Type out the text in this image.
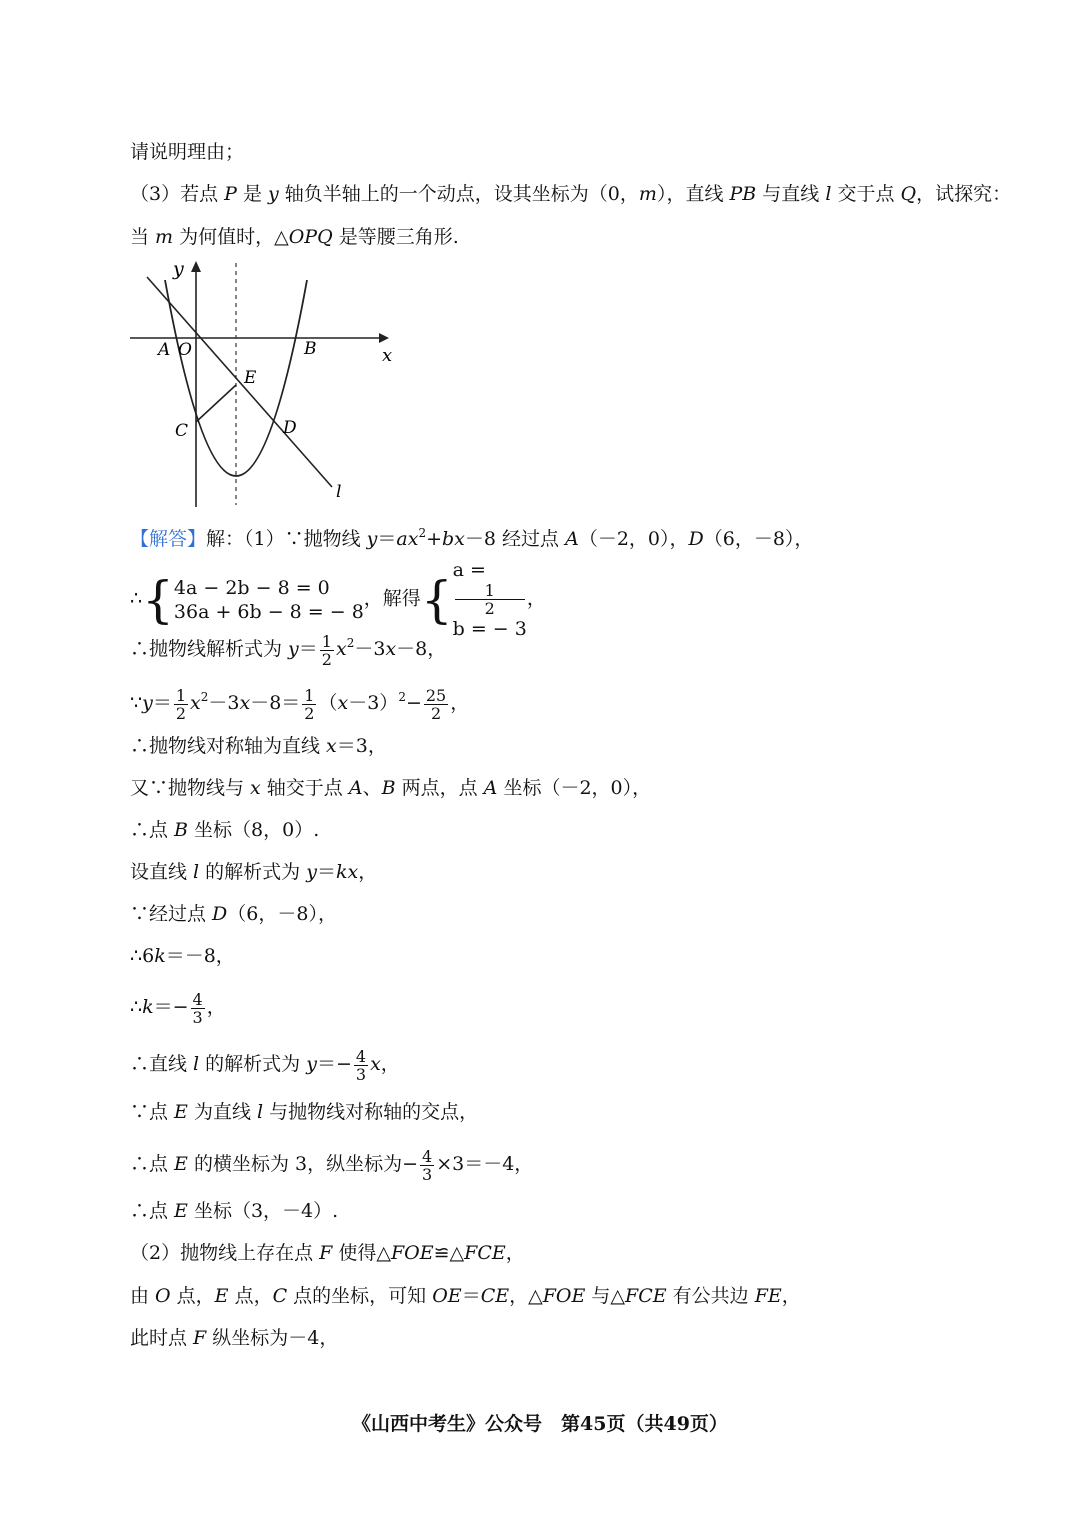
请说明理由；
（3）若点 P 是 y 轴负半轴上的一个动点，设其坐标为（0，m），直线 PB 与直线 l 交于点 Q，试探究：
当 m 为何值时，△OPQ 是等腰三角形.
y
x
A O	B
E
C	D
l
【解答】解：（1）∵抛物线 $y=ax^2+bx-8$ 经过点 A（－2，0），D（6，－8），
∴{ 4a − 2b − 8 = 0
36a + 6b − 8 = − 8
，解得{
a =
1
2
b = − 3
，
∴抛物线解析式为 $y= \frac{1}{2} x^2-3x-8$，
∵y＝ $\frac{1}{2} x^2-3x-8= \frac{1}{2} (x-3)^2- \frac{25}{2}$ ，
∴抛物线对称轴为直线 x＝3，
又∵抛物线与 x 轴交于点 A、B 两点，点 A 坐标（－2，0），
∴点 B 坐标（8，0）.
设直线 l 的解析式为 y＝kx，
∵经过点 D（6，－8），
∴6k＝－8，
∴k＝− $\frac{4}{3}$ ，
∴直线 l 的解析式为 $y=- \frac{4}{3}$ x，
∵点 E 为直线 l 与抛物线对称轴的交点，
∴点 E 的横坐标为 3，纵坐标为− $\frac{4}{3} \times 3=-4$，
∴点 E 坐标（3，－4）.
（2）抛物线上存在点 F 使得△FOE≌△FCE，
由 O 点，E 点，C 点的坐标，可知 OE＝CE，△FOE 与△FCE 有公共边 FE，
此时点 F 纵坐标为－4，
《山西中考生》公众号　第45页（共49页）
